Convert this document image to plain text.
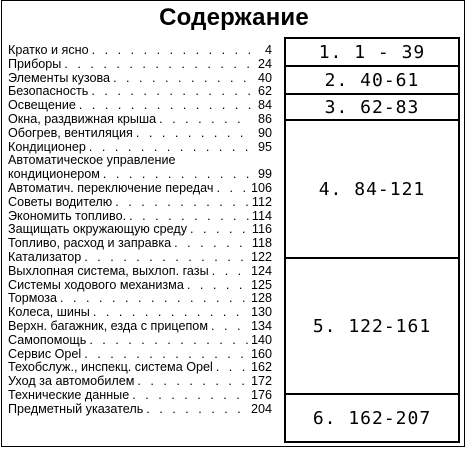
Содержание
Кратко и ясно . . .	4
Приборы . . .	24
Элементы кузова . . .	40
Безопасность . . .	62
Освещение . . .	84
Окна, раздвижная крыша . . .	86
Обогрев, вентиляция . . .	90
Кондиционер . . .	95
Автоматическое управление
кондиционером . . .	99
Автоматич. переключение передач . . .	106
Советы водителю . . .	112
Экономить топливо. . . .	114
Защищать окружающую среду . . .	116
Топливо, расход и заправка . . .	118
Катализатор . . .	122
Выхлопная система, выхлоп. газы . . .	124
Системы ходового механизма . . .	125
Тормоза . . .	128
Колеса, шины . . .	130
Верхн. багажник, езда с прицепом . . .	134
Самопомощь . . .	140
Сервис Opel . . .	160
Техобслуж., инспекц. система Opel . . .	162
Уход за автомобилем . . .	172
Технические данные . . .	176
Предметный указатель . . .	204
1. 1 - 39
2. 40-61
3. 62-83
4. 84-121
5. 122-161
6. 162-207
